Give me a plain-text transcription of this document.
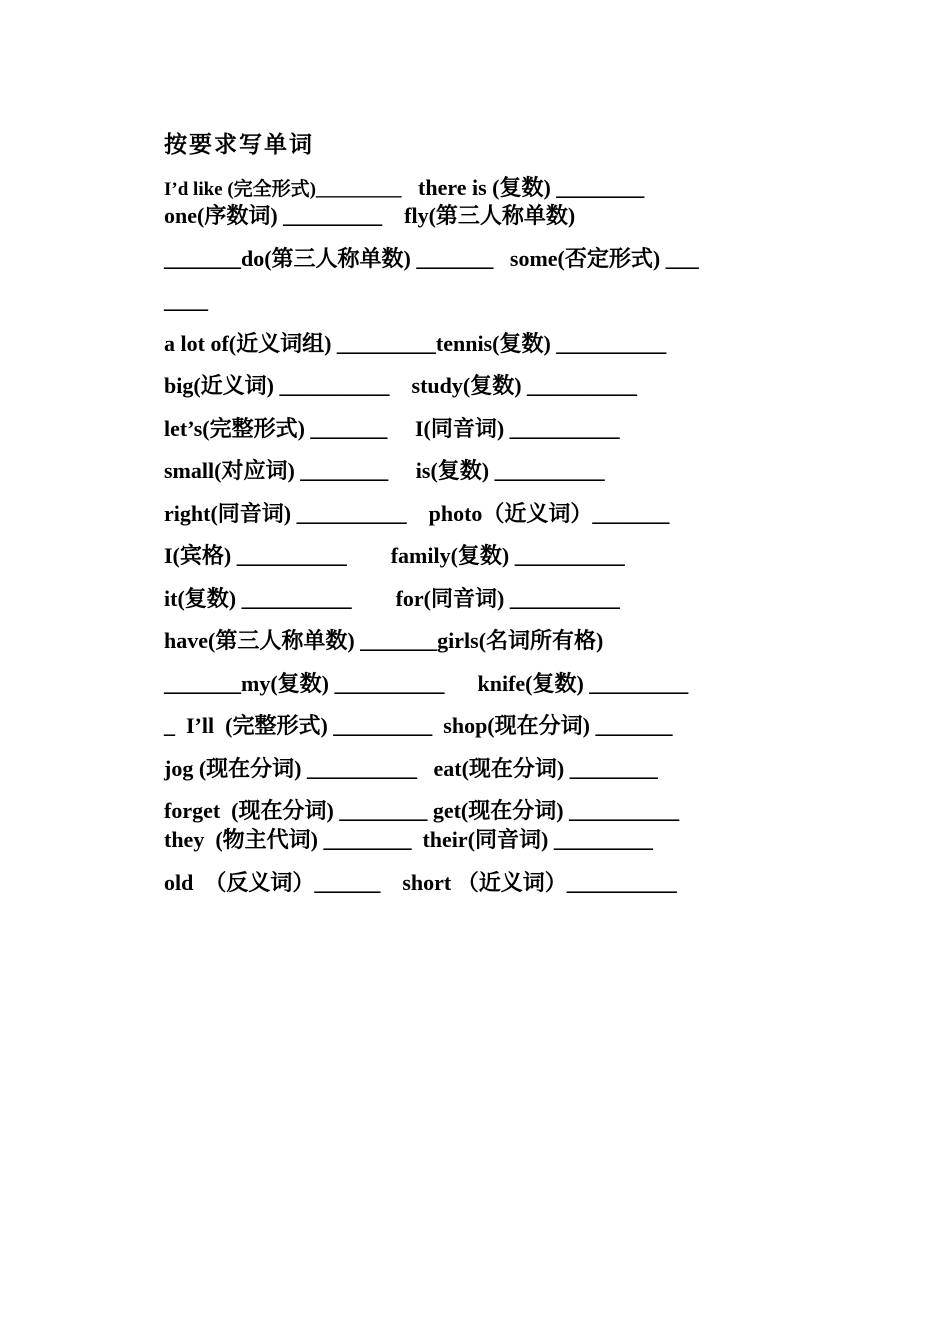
按要求写单词
I’d like (完全形式)_________   there is (复数) ________
one(序数词) _________    fly(第三人称单数)
_______do(第三人称单数) _______   some(否定形式) ___
____
a lot of(近义词组) _________tennis(复数) __________
big(近义词) __________    study(复数) __________
let’s(完整形式) _______     I(同音词) __________
small(对应词) ________     is(复数) __________
right(同音词) __________    photo（近义词）_______
I(宾格) __________        family(复数) __________
it(复数) __________        for(同音词) __________
have(第三人称单数) _______girls(名词所有格)
_______my(复数) __________      knife(复数) _________
_  I’ll  (完整形式) _________  shop(现在分词) _______
jog (现在分词) __________   eat(现在分词) ________
forget  (现在分词) ________ get(现在分词) __________
they  (物主代词) ________  their(同音词) _________
old  （反义词）______    short （近义词）__________
